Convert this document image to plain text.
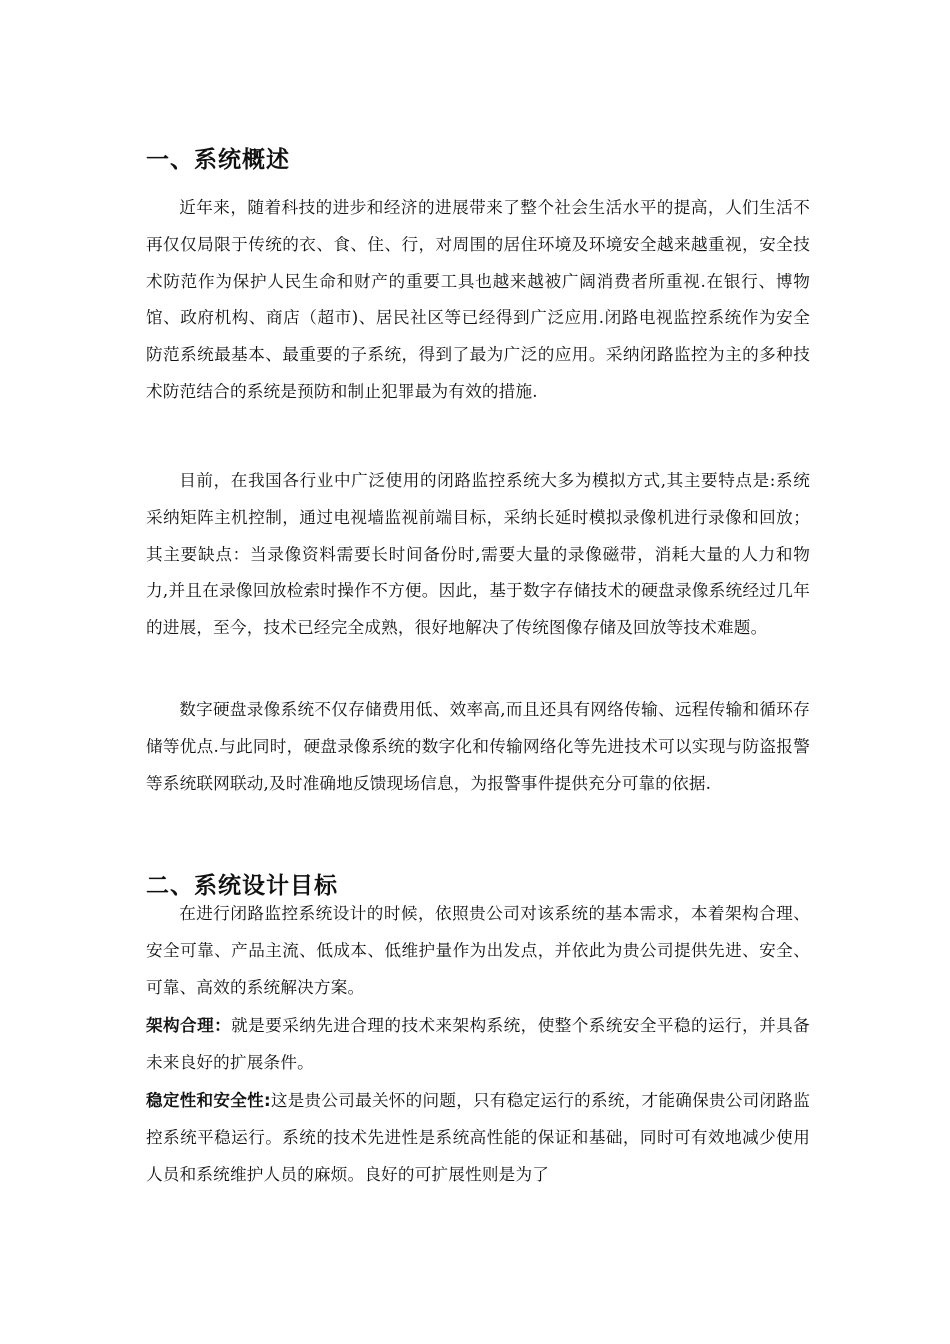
一、系统概述

近年来，随着科技的进步和经济的进展带来了整个社会生活水平的提高，人们生活不再仅仅局限于传统的衣、食、住、行，对周围的居住环境及环境安全越来越重视，安全技术防范作为保护人民生命和财产的重要工具也越来越被广阔消费者所重视.在银行、博物馆、政府机构、商店（超市)、居民社区等已经得到广泛应用.闭路电视监控系统作为安全防范系统最基本、最重要的子系统，得到了最为广泛的应用。采纳闭路监控为主的多种技术防范结合的系统是预防和制止犯罪最为有效的措施.

目前，在我国各行业中广泛使用的闭路监控系统大多为模拟方式,其主要特点是:系统采纳矩阵主机控制，通过电视墙监视前端目标，采纳长延时模拟录像机进行录像和回放；其主要缺点：当录像资料需要长时间备份时,需要大量的录像磁带，消耗大量的人力和物力,并且在录像回放检索时操作不方便。因此，基于数字存储技术的硬盘录像系统经过几年的进展，至今，技术已经完全成熟，很好地解决了传统图像存储及回放等技术难题。

数字硬盘录像系统不仅存储费用低、效率高,而且还具有网络传输、远程传输和循环存储等优点.与此同时，硬盘录像系统的数字化和传输网络化等先进技术可以实现与防盗报警等系统联网联动,及时准确地反馈现场信息，为报警事件提供充分可靠的依据.

二、系统设计目标

在进行闭路监控系统设计的时候，依照贵公司对该系统的基本需求，本着架构合理、安全可靠、产品主流、低成本、低维护量作为出发点，并依此为贵公司提供先进、安全、可靠、高效的系统解决方案。

架构合理：就是要采纳先进合理的技术来架构系统，使整个系统安全平稳的运行，并具备未来良好的扩展条件。

稳定性和安全性:这是贵公司最关怀的问题，只有稳定运行的系统，才能确保贵公司闭路监控系统平稳运行。系统的技术先进性是系统高性能的保证和基础，同时可有效地减少使用人员和系统维护人员的麻烦。良好的可扩展性则是为了
